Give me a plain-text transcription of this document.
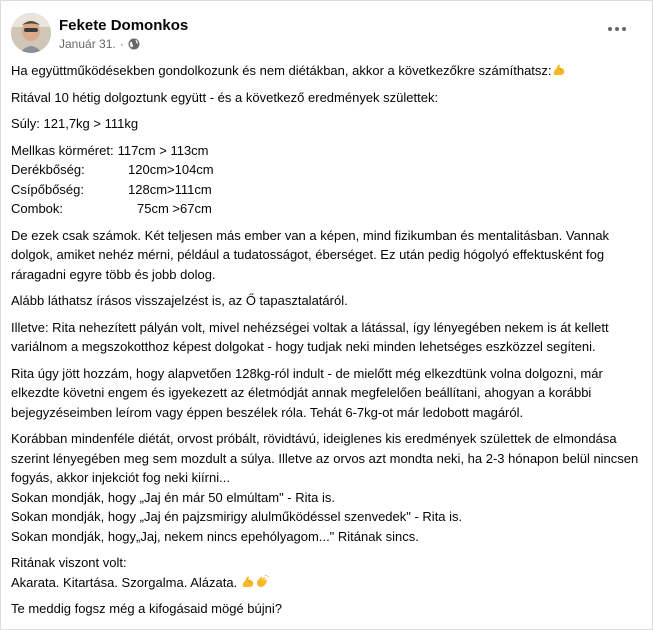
Fekete Domonkos
Január 31. ·

Ha együttműködésekben gondolkozunk és nem diétákban, akkor a következőkre számíthatsz:

Ritával 10 hétig dolgoztunk együtt - és a következő eredmények születtek:

Súly: 121,7kg > 111kg

Mellkas körméret: 117cm > 113cm
Derékbőség:	120cm>104cm
Csípőbőség:	128cm>111cm
Combok:	75cm >67cm

De ezek csak számok. Két teljesen más ember van a képen, mind fizikumban és mentalitásban. Vannak dolgok, amiket nehéz mérni, például a tudatosságot, éberséget. Ez után pedig hógolyó effektusként fog ráragadni egyre több és jobb dolog.

Alább láthatsz írásos visszajelzést is, az Ő tapasztalatáról.

Illetve: Rita nehezített pályán volt, mivel nehézségei voltak a látással, így lényegében nekem is át kellett variálnom a megszokotthoz képest dolgokat - hogy tudjak neki minden lehetséges eszközzel segíteni.

Rita úgy jött hozzám, hogy alapvetően 128kg-ról indult - de mielőtt még elkezdtünk volna dolgozni, már elkezdte követni engem és igyekezett az életmódját annak megfelelően beállítani, ahogyan a korábbi bejegyzéseimben leírom vagy éppen beszélek róla. Tehát 6-7kg-ot már ledobott magáról.

Korábban mindenféle diétát, orvost próbált, rövidtávú, ideiglenes kis eredmények születtek de elmondása szerint lényegében meg sem mozdult a súlya. Illetve az orvos azt mondta neki, ha 2-3 hónapon belül nincsen fogyás, akkor injekciót fog neki kiírni...

Sokan mondják, hogy „Jaj én már 50 elmúltam" - Rita is.

Sokan mondják, hogy „Jaj én pajzsmirigy alulműködéssel szenvedek" - Rita is.

Sokan mondják, hogy„Jaj, nekem nincs epehólyagom..." Ritának sincs.

Ritának viszont volt:

Akarata. Kitartása. Szorgalma. Alázata.

Te meddig fogsz még a kifogásaid mögé bújni?
